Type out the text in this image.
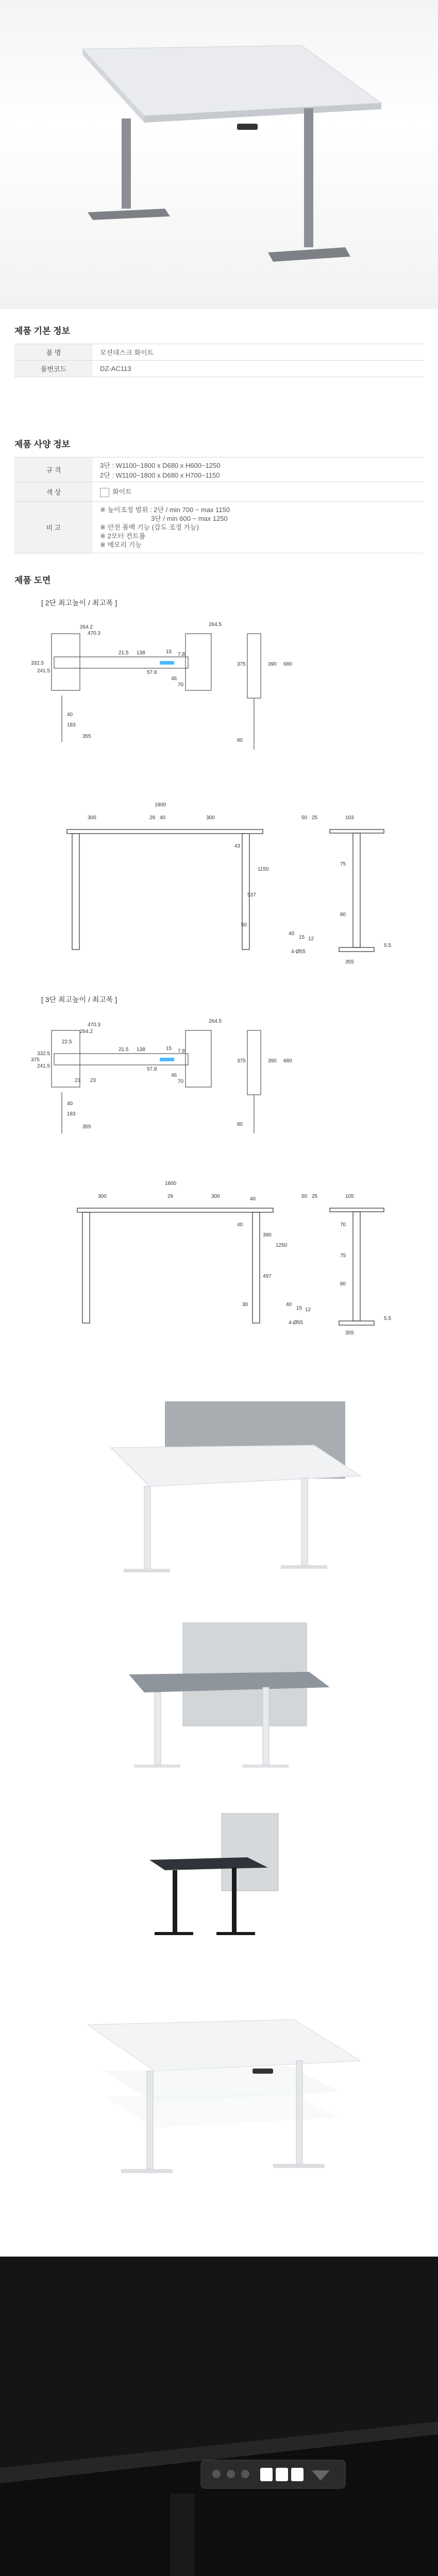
제품 기본 정보
품 명	모션데스크 화이트
품번코드	DZ-AC113
제품 사양 정보
규 격	3단 : W1100~1800 x D680 x H600~1250
2단 : W1100~1800 x D680 x H700~1150

색 상	화이트
비 고	※ 높이조정 범위 : 2단 / min 700 ~ max 1150
3단 / min 600 ~ max 1250
※ 안전 폴백 기능 (감도 조정 가능)
※ 2모터 컨트롤
※ 메모리 기능
제품 도면
[ 2단 최고높이 / 최고폭 ]
470.3
264.2	264.5
21.5 138	15 7.8
57.8
46
70
332.5
241.5
375	390 680
40
183
355
80
1800
300	29 40	300
43
1150
537
50
50 25	103
75
80
40
15 12
355
5.5
4-Ø55
[ 3단 최고높이 / 최고폭 ]
470.3
264.2
264.5
22.5
21.5 138	15 7.8
57.8
46
70
375
332.5
241.5
23 23
375	390 680
40
183
355	80
1800
300	29	300	40
40
390
1250
497
30
50 25	105
70
75
80
40
15 12
5.5
355
4-Ø55
